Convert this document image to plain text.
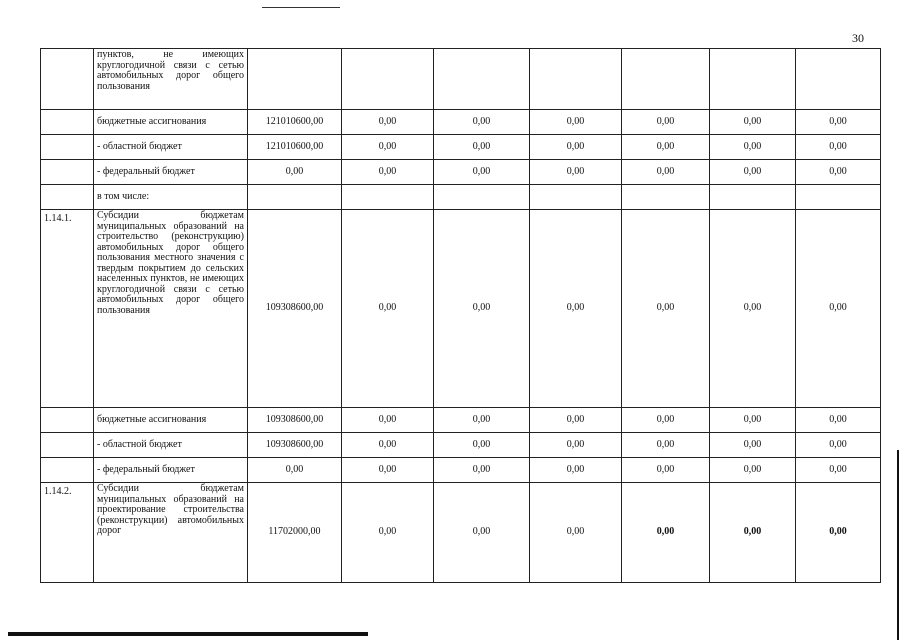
30
	пунктов, не имеющих круглогодичной связи с сетью автомобильных дорог общего пользования							
	бюджетные ассигнования	121010600,00	0,00	0,00	0,00	0,00	0,00	0,00
	- областной бюджет	121010600,00	0,00	0,00	0,00	0,00	0,00	0,00
	- федеральный бюджет	0,00	0,00	0,00	0,00	0,00	0,00	0,00
	в том числе:							
1.14.1.	Субсидии бюджетам муниципальных образований на строительство (реконструкцию) автомобильных дорог общего пользования местного значения с твердым покрытием до сельских населенных пунктов, не имеющих круглогодичной связи с сетью автомобильных дорог общего пользования	109308600,00	0,00	0,00	0,00	0,00	0,00	0,00
	бюджетные ассигнования	109308600,00	0,00	0,00	0,00	0,00	0,00	0,00
	- областной бюджет	109308600,00	0,00	0,00	0,00	0,00	0,00	0,00
	- федеральный бюджет	0,00	0,00	0,00	0,00	0,00	0,00	0,00
1.14.2.	Субсидии бюджетам муниципальных образований на проектирование строительства (реконструкции) автомобильных дорог	11702000,00	0,00	0,00	0,00	0,00	0,00	0,00
